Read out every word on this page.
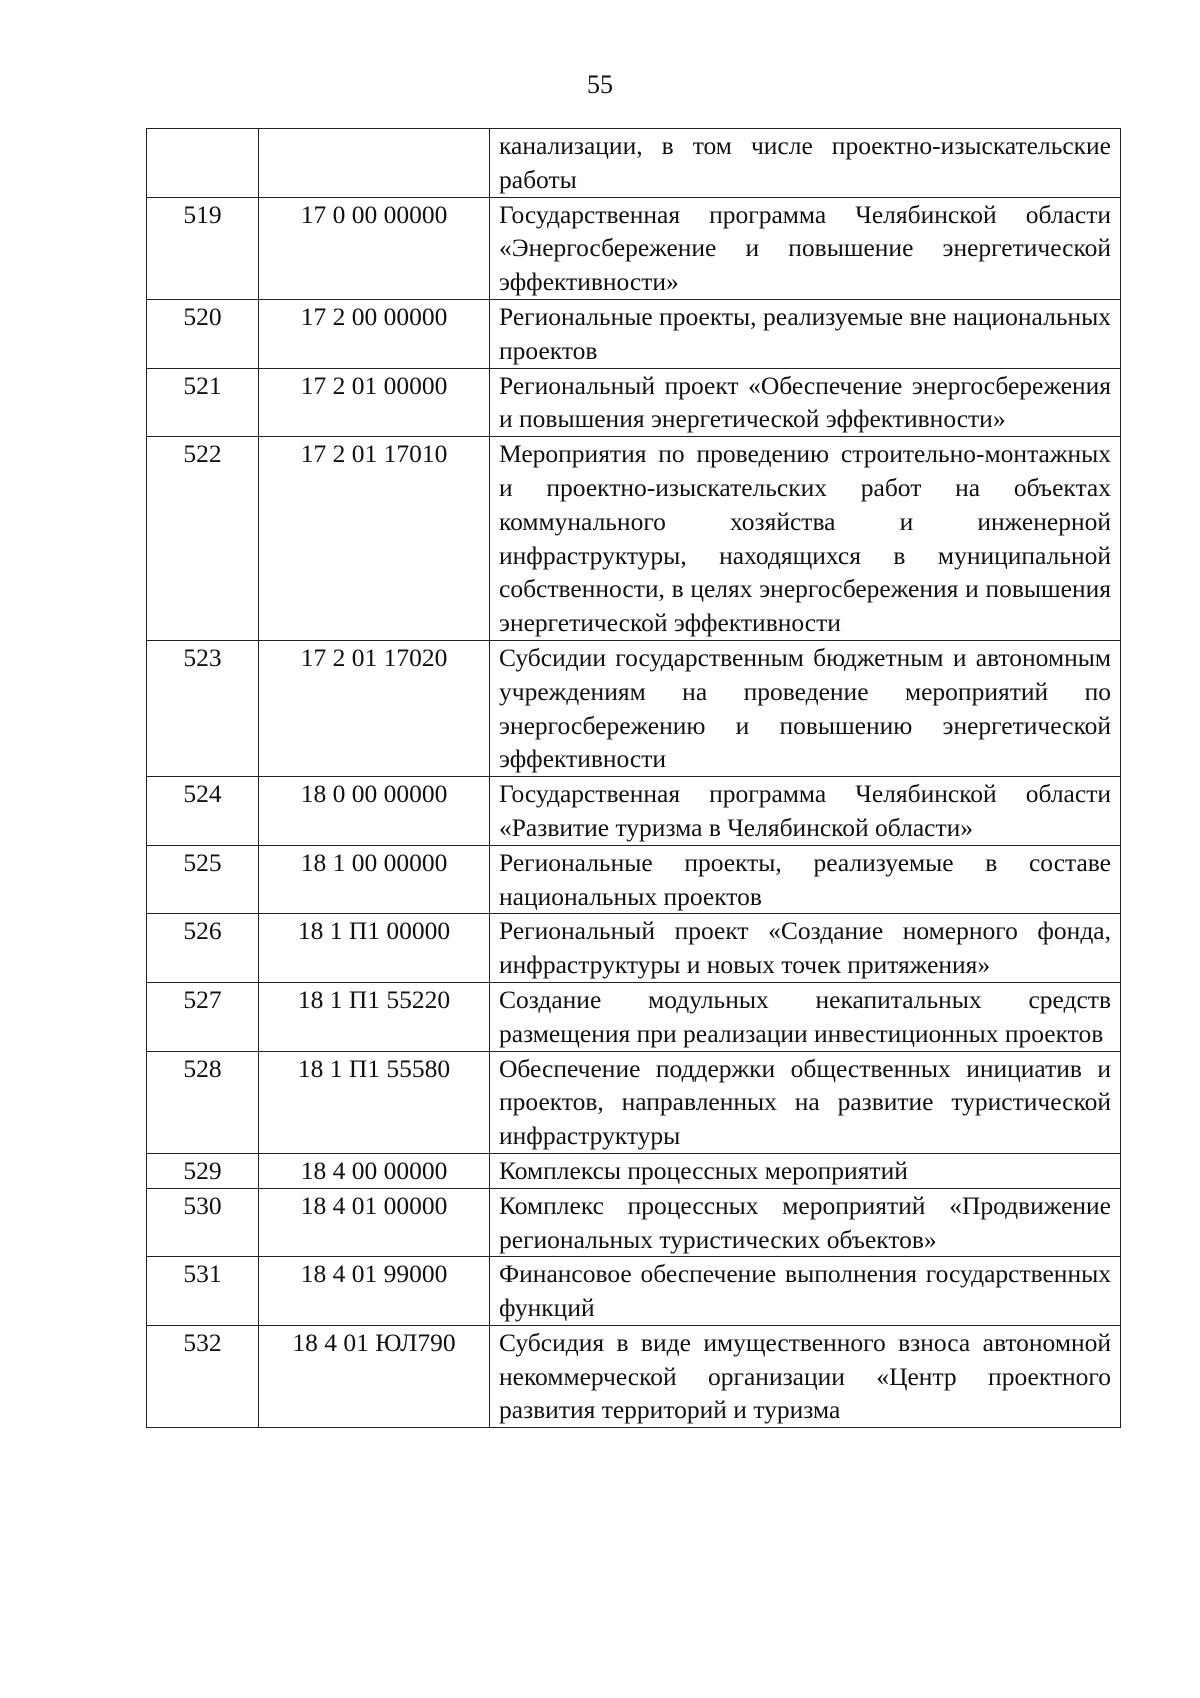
55
		канализации, в том числе проектно-изыскательские работы
519	17 0 00 00000	Государственная программа Челябинской области «Энергосбережение и повышение энергетической эффективности»
520	17 2 00 00000	Региональные проекты, реализуемые вне национальных проектов
521	17 2 01 00000	Региональный проект «Обеспечение энергосбережения и повышения энергетической эффективности»
522	17 2 01 17010	Мероприятия по проведению строительно-монтажных и проектно-изыскательских работ на объектах коммунального хозяйства и инженерной инфраструктуры, находящихся в муниципальной собственности, в целях энергосбережения и повышения энергетической эффективности
523	17 2 01 17020	Субсидии государственным бюджетным и автономным учреждениям на проведение мероприятий по энергосбережению и повышению энергетической эффективности
524	18 0 00 00000	Государственная программа Челябинской области «Развитие туризма в Челябинской области»
525	18 1 00 00000	Региональные проекты, реализуемые в составе национальных проектов
526	18 1 П1 00000	Региональный проект «Создание номерного фонда, инфраструктуры и новых точек притяжения»
527	18 1 П1 55220	Создание модульных некапитальных средств размещения при реализации инвестиционных проектов
528	18 1 П1 55580	Обеспечение поддержки общественных инициатив и проектов, направленных на развитие туристической инфраструктуры
529	18 4 00 00000	Комплексы процессных мероприятий
530	18 4 01 00000	Комплекс процессных мероприятий «Продвижение региональных туристических объектов»
531	18 4 01 99000	Финансовое обеспечение выполнения государственных функций
532	18 4 01 ЮЛ790	Субсидия в виде имущественного взноса автономной некоммерческой организации «Центр проектного развития территорий и туризма
